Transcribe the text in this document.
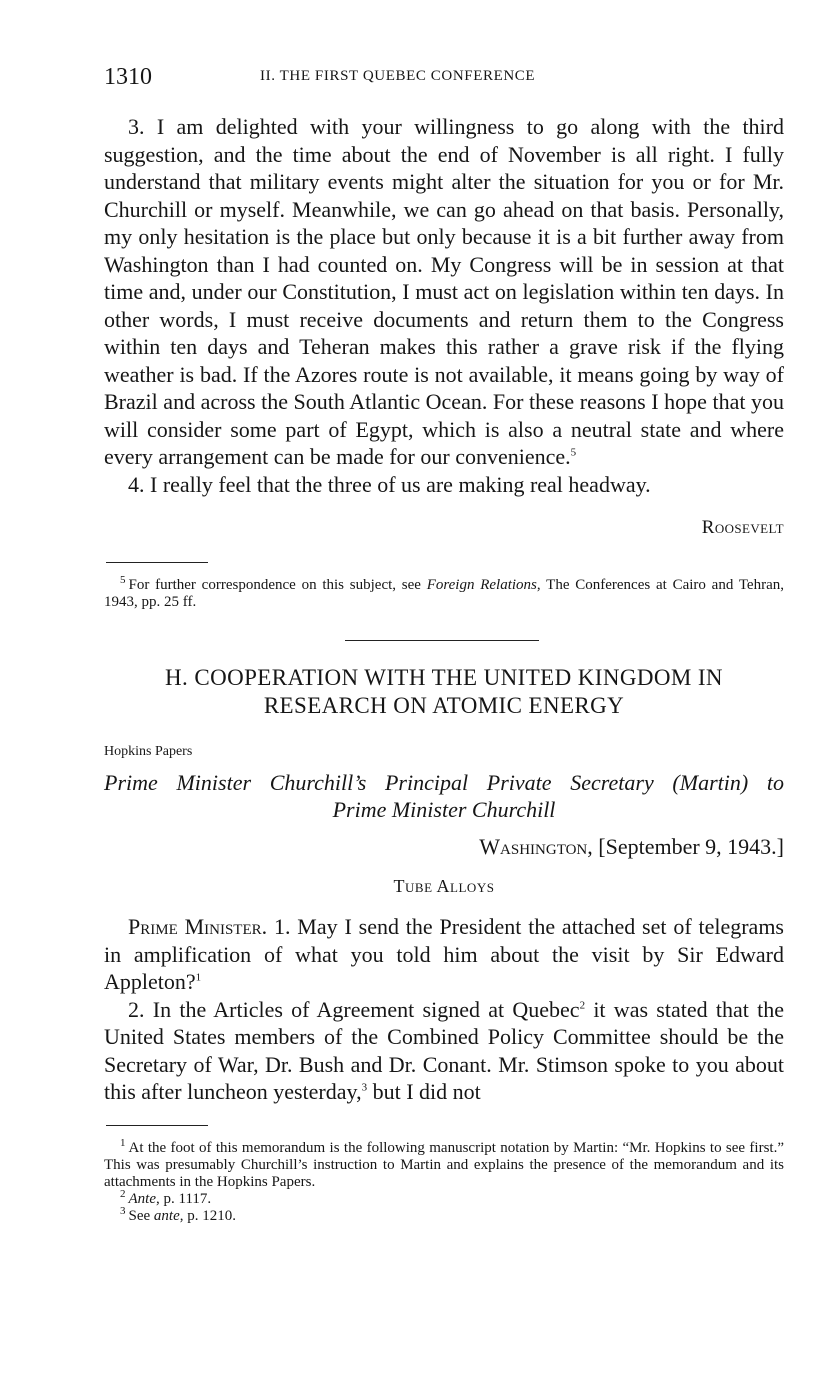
1310	II. THE FIRST QUEBEC CONFERENCE

3. I am delighted with your willingness to go along with the third suggestion, and the time about the end of November is all right. I fully understand that military events might alter the situation for you or for Mr. Churchill or myself. Meanwhile, we can go ahead on that basis. Personally, my only hesitation is the place but only because it is a bit further away from Washington than I had counted on. My Congress will be in session at that time and, under our Constitution, I must act on legislation within ten days. In other words, I must receive documents and return them to the Congress within ten days and Teheran makes this rather a grave risk if the flying weather is bad. If the Azores route is not available, it means going by way of Brazil and across the South Atlantic Ocean. For these reasons I hope that you will consider some part of Egypt, which is also a neutral state and where every arrangement can be made for our convenience.$^5$

4. I really feel that the three of us are making real headway.

Roosevelt

$^5$ For further correspondence on this subject, see Foreign Relations, The Conferences at Cairo and Tehran, 1943, pp. 25 ff.

H. COOPERATION WITH THE UNITED KINGDOM IN RESEARCH ON ATOMIC ENERGY
Hopkins Papers
Prime Minister Churchill’s Principal Private Secretary (Martin) to
Prime Minister Churchill
Washington, [September 9, 1943.]
Tube Alloys

Prime Minister. 1. May I send the President the attached set of telegrams in amplification of what you told him about the visit by Sir Edward Appleton?$^1$

2. In the Articles of Agreement signed at Quebec$^2$ it was stated that the United States members of the Combined Policy Committee should be the Secretary of War, Dr. Bush and Dr. Conant. Mr. Stimson spoke to you about this after luncheon yesterday,$^3$ but I did not

$^1$ At the foot of this memorandum is the following manuscript notation by Martin: “Mr. Hopkins to see first.” This was presumably Churchill’s instruction to Martin and explains the presence of the memorandum and its attachments in the Hopkins Papers.

$^2$ Ante, p. 1117.

$^3$ See ante, p. 1210.
